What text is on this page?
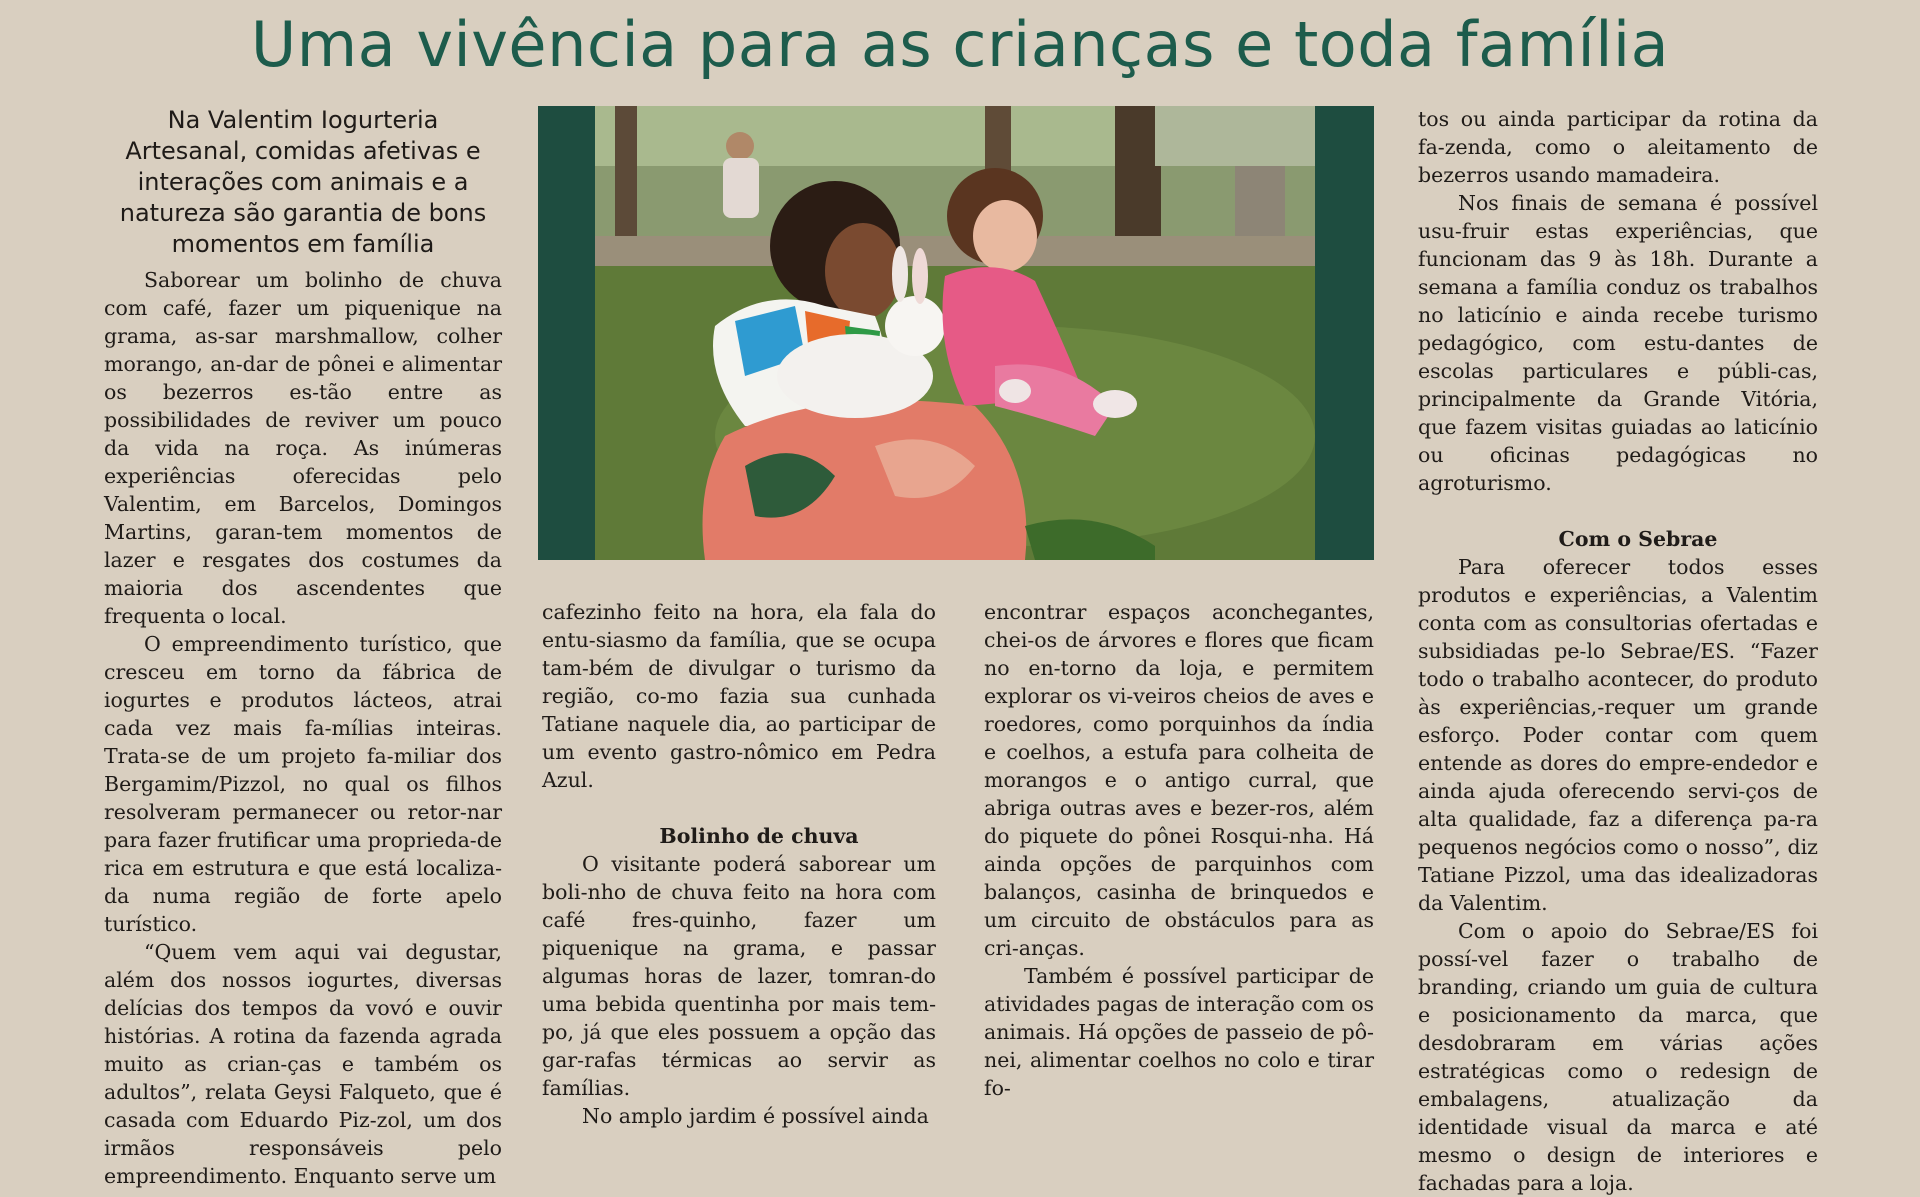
Uma vivência para as crianças e toda família
Na Valentim Iogurteria Artesanal, comidas afetivas e interações com animais e a natureza são garantia de bons momentos em família

Saborear um bolinho de chuva com café, fazer um piquenique na grama, as-sar marshmallow, colher morango, an-dar de pônei e alimentar os bezerros es-tão entre as possibilidades de reviver um pouco da vida na roça. As inúmeras experiências oferecidas pelo Valentim, em Barcelos, Domingos Martins, garan-tem momentos de lazer e resgates dos costumes da maioria dos ascendentes que frequenta o local.

O empreendimento turístico, que cresceu em torno da fábrica de iogurtes e produtos lácteos, atrai cada vez mais fa-mílias inteiras. Trata-se de um projeto fa-miliar dos Bergamim/Pizzol, no qual os filhos resolveram permanecer ou retor-nar para fazer frutificar uma proprieda-de rica em estrutura e que está localiza-da numa região de forte apelo turístico.

“Quem vem aqui vai degustar, além dos nossos iogurtes, diversas delícias dos tempos da vovó e ouvir histórias. A rotina da fazenda agrada muito as crian-ças e também os adultos”, relata Geysi Falqueto, que é casada com Eduardo Piz-zol, um dos irmãos responsáveis pelo empreendimento. Enquanto serve um

cafezinho feito na hora, ela fala do entu-siasmo da família, que se ocupa tam-bém de divulgar o turismo da região, co-mo fazia sua cunhada Tatiane naquele dia, ao participar de um evento gastro-nômico em Pedra Azul.

Bolinho de chuva

O visitante poderá saborear um boli-nho de chuva feito na hora com café fres-quinho, fazer um piquenique na grama, e passar algumas horas de lazer, tomran-do uma bebida quentinha por mais tem-po, já que eles possuem a opção das gar-rafas térmicas ao servir as famílias.

No amplo jardim é possível ainda

encontrar espaços aconchegantes, chei-os de árvores e flores que ficam no en-torno da loja, e permitem explorar os vi-veiros cheios de aves e roedores, como porquinhos da índia e coelhos, a estufa para colheita de morangos e o antigo curral, que abriga outras aves e bezer-ros, além do piquete do pônei Rosqui-nha. Há ainda opções de parquinhos com balanços, casinha de brinquedos e um circuito de obstáculos para as cri-anças.

Também é possível participar de atividades pagas de interação com os animais. Há opções de passeio de pô-nei, alimentar coelhos no colo e tirar fo-

tos ou ainda participar da rotina da fa-zenda, como o aleitamento de bezerros usando mamadeira.

Nos finais de semana é possível usu-fruir estas experiências, que funcionam das 9 às 18h. Durante a semana a família conduz os trabalhos no laticínio e ainda recebe turismo pedagógico, com estu-dantes de escolas particulares e públi-cas, principalmente da Grande Vitória, que fazem visitas guiadas ao laticínio ou oficinas pedagógicas no agroturismo.

Com o Sebrae

Para oferecer todos esses produtos e experiências, a Valentim conta com as consultorias ofertadas e subsidiadas pe-lo Sebrae/ES. “Fazer todo o trabalho acontecer, do produto às experiências,-requer um grande esforço. Poder contar com quem entende as dores do empre-endedor e ainda ajuda oferecendo servi-ços de alta qualidade, faz a diferença pa-ra pequenos negócios como o nosso”, diz Tatiane Pizzol, uma das idealizadoras da Valentim.

Com o apoio do Sebrae/ES foi possí-vel fazer o trabalho de branding, criando um guia de cultura e posicionamento da marca, que desdobraram em várias ações estratégicas como o redesign de embalagens, atualização da identidade visual da marca e até mesmo o design de interiores e fachadas para a loja.
